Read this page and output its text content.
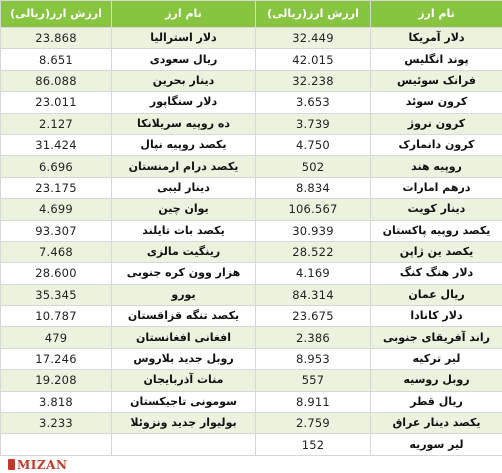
نام ارز	ارزش ارز(ریالی)	نام ارز	ارزش ارز(ریالی)
دلار آمریکا	32.449	دلار استرالیا	23.868
پوند انگلیس	42.015	ریال سعودی	8.651
فرانک سوئیس	32.238	دینار بحرین	86.088
کرون سوئد	3.653	دلار سنگاپور	23.011
کرون نروژ	3.739	ده روپیه سریلانکا	2.127
کرون دانمارک	4.750	یکصد روپیه نپال	31.424
روپیه هند	502	یکصد درام ارمنستان	6.696
درهم امارات	8.834	دینار لیبی	23.175
دینار کویت	106.567	یوان چین	4.699
یکصد روپیه پاکستان	30.939	یکصد بات تایلند	93.307
یکصد ین ژاپن	28.522	رینگیت مالزی	7.468
دلار هنگ کنگ	4.169	هزار وون کره جنوبی	28.600
ریال عمان	84.314	یورو	35.345
دلار کانادا	23.675	یکصد تنگه قزاقستان	10.787
راند آفریقای جنوبی	2.386	افغانی افغانستان	479
لیر ترکیه	8.953	روبل جدید بلاروس	17.246
روبل روسیه	557	منات آذربایجان	19.208
ریال قطر	8.911	سومونی تاجیکستان	3.818
یکصد دینار عراق	2.759	بولیوار جدید ونزوئلا	3.233
لیر سوریه	152		
MIZAN
